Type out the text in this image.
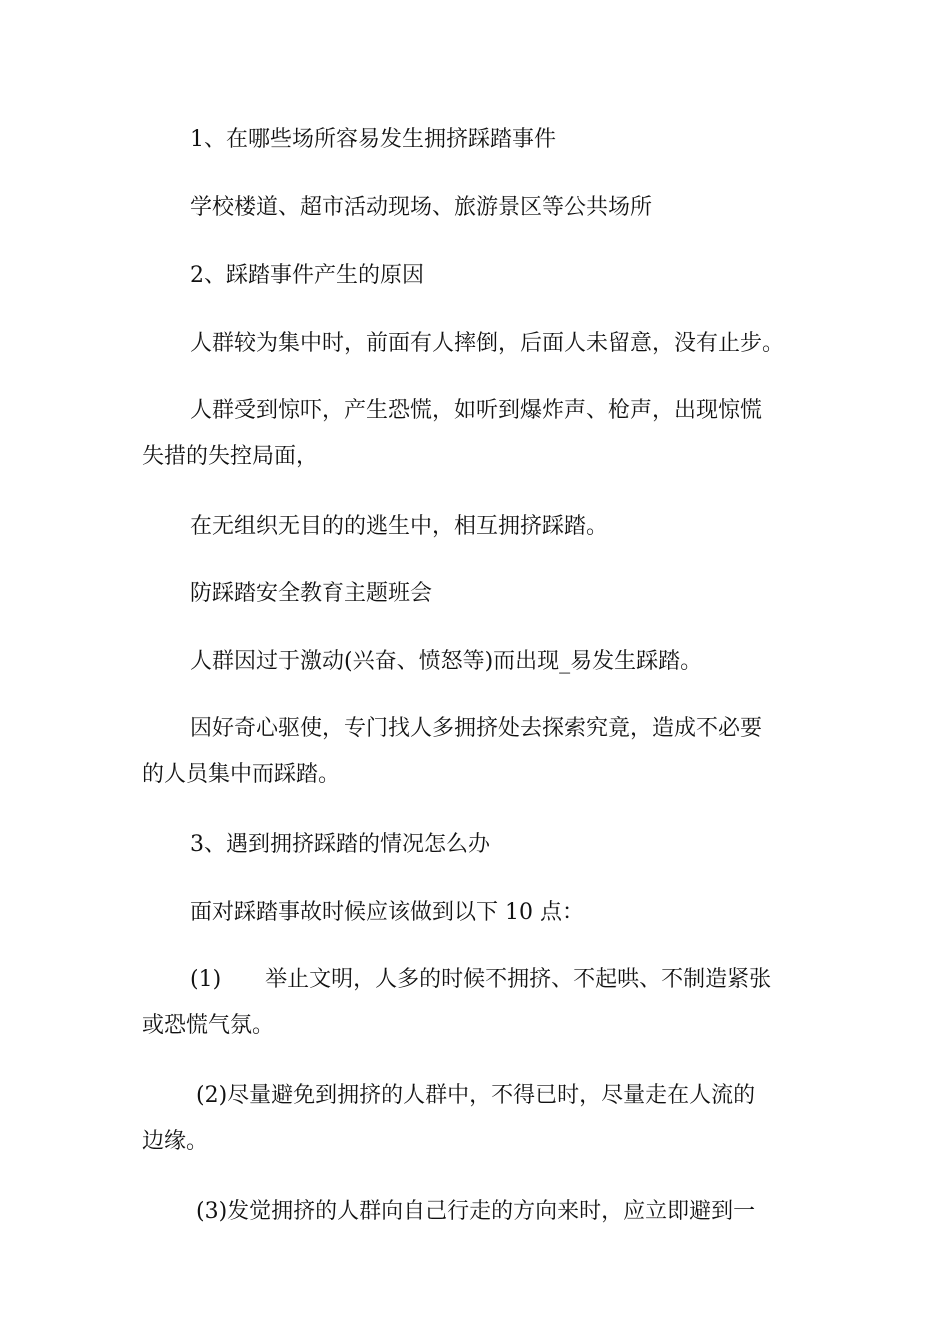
1、在哪些场所容易发生拥挤踩踏事件

学校楼道、超市活动现场、旅游景区等公共场所

2、踩踏事件产生的原因

人群较为集中时，前面有人摔倒，后面人未留意，没有止步。

人群受到惊吓，产生恐慌，如听到爆炸声、枪声，出现惊慌

失措的失控局面，

在无组织无目的的逃生中，相互拥挤踩踏。

防踩踏安全教育主题班会

人群因过于激动(兴奋、愤怒等)而出现_易发生踩踏。

因好奇心驱使，专门找人多拥挤处去探索究竟，造成不必要

的人员集中而踩踏。

3、遇到拥挤踩踏的情况怎么办

面对踩踏事故时候应该做到以下 10 点：

(1)　　举止文明，人多的时候不拥挤、不起哄、不制造紧张

或恐慌气氛。

(2)尽量避免到拥挤的人群中，不得已时，尽量走在人流的

边缘。

(3)发觉拥挤的人群向自己行走的方向来时，应立即避到一
